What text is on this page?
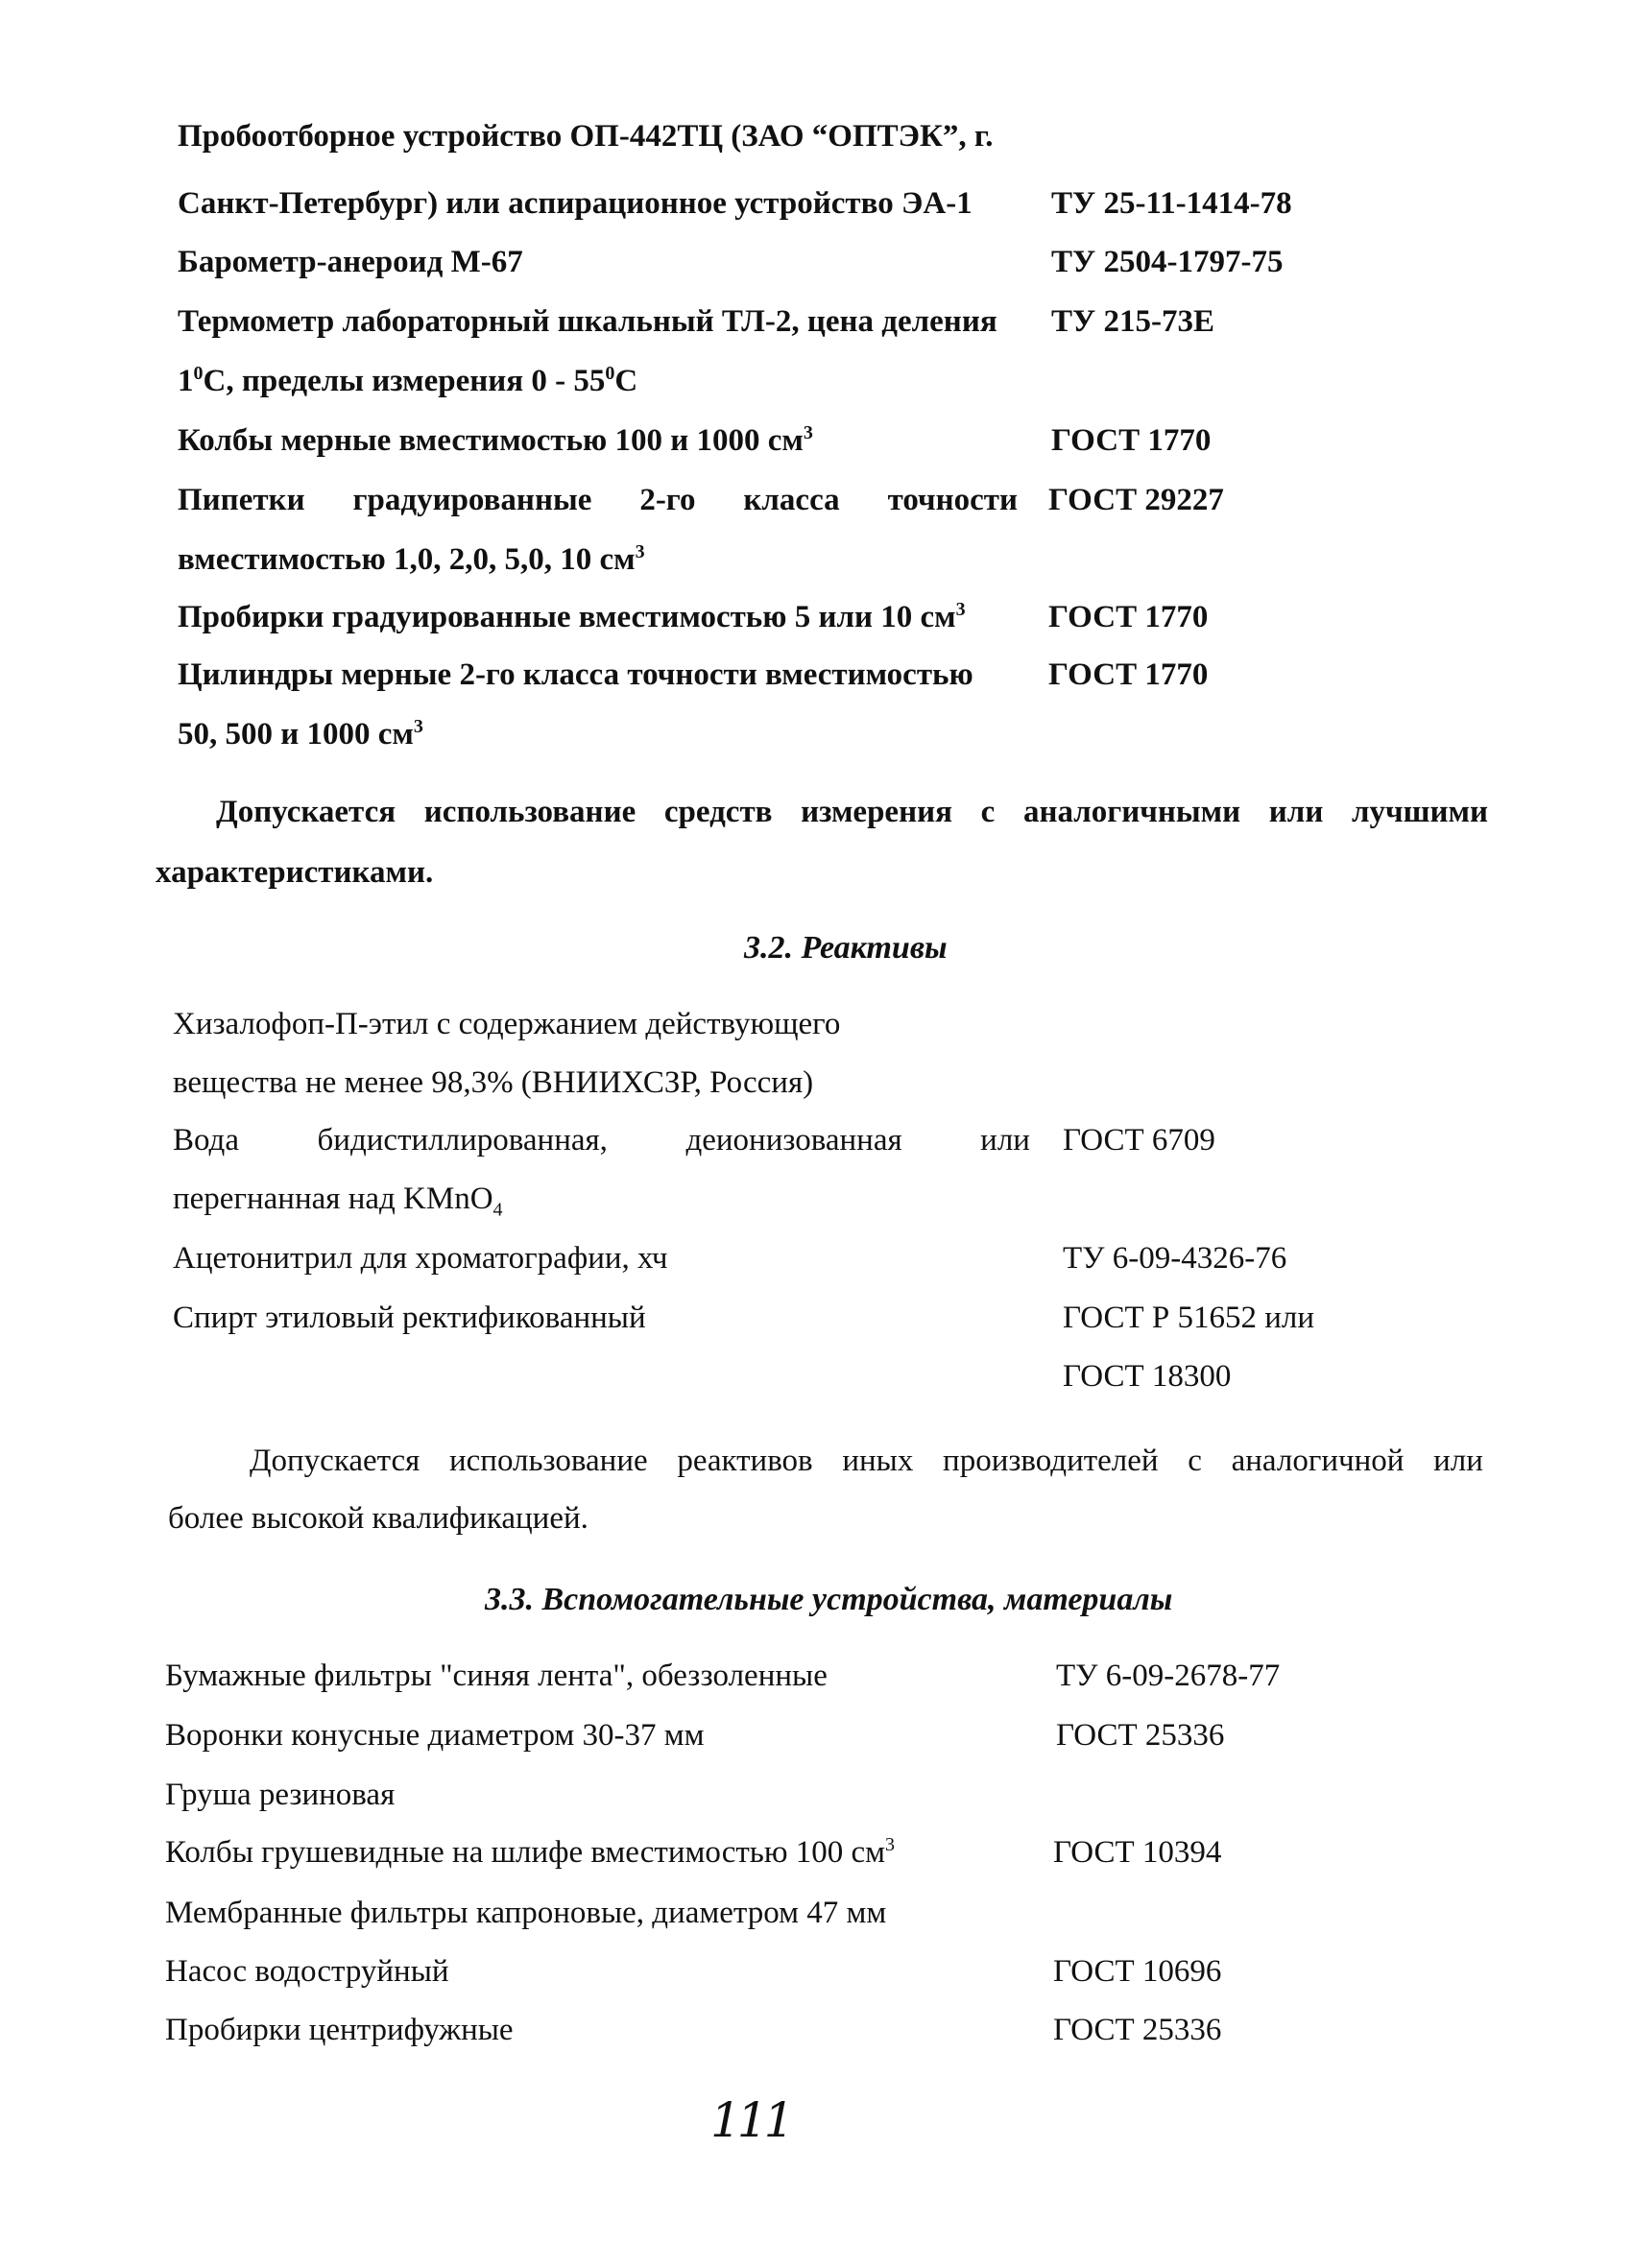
Пробоотборное устройство ОП-442ТЦ (ЗАО “ОПТЭК”, г.
Санкт-Петербург) или аспирационное устройство ЭА-1 ТУ 25-11-1414-78
Барометр-анероид М-67	ТУ 2504-1797-75
Термометр лабораторный шкальный ТЛ-2, цена деления ТУ 215-73Е
$1^0С$, пределы измерения $0 - 55^0С$
Колбы мерные вместимостью 100 и 1000 $см^3$	ГОСТ 1770
Пипетки градуированные 2-го класса точности ГОСТ 29227
вместимостью 1,0, 2,0, 5,0, 10 $см^3$
Пробирки градуированные вместимостью 5 или 10 $см^3$	ГОСТ 1770
Цилиндры мерные 2-го класса точности вместимостью ГОСТ 1770
50, 500 и 1000 $см^3$
Допускается использование средств измерения с аналогичными или лучшими
характеристиками.
3.2. Реактивы
Хизалофоп-П-этил с содержанием действующего
вещества не менее 98,3% (ВНИИХСЗР, Россия)
Вода бидистиллированная, деионизованная или ГОСТ 6709
перегнанная над KMnO$_4$
Ацетонитрил для хроматографии, хч	ТУ 6-09-4326-76
Спирт этиловый ректификованный	ГОСТ Р 51652 или
ГОСТ 18300
Допускается использование реактивов иных производителей с аналогичной или
более высокой квалификацией.
3.3. Вспомогательные устройства, материалы
Бумажные фильтры "синяя лента", обеззоленные	ТУ 6-09-2678-77
Воронки конусные диаметром 30-37 мм	ГОСТ 25336
Груша резиновая
Колбы грушевидные на шлифе вместимостью 100 $см^3$	ГОСТ 10394
Мембранные фильтры капроновые, диаметром 47 мм
Насос водоструйный	ГОСТ 10696
Пробирки центрифужные	ГОСТ 25336
111
